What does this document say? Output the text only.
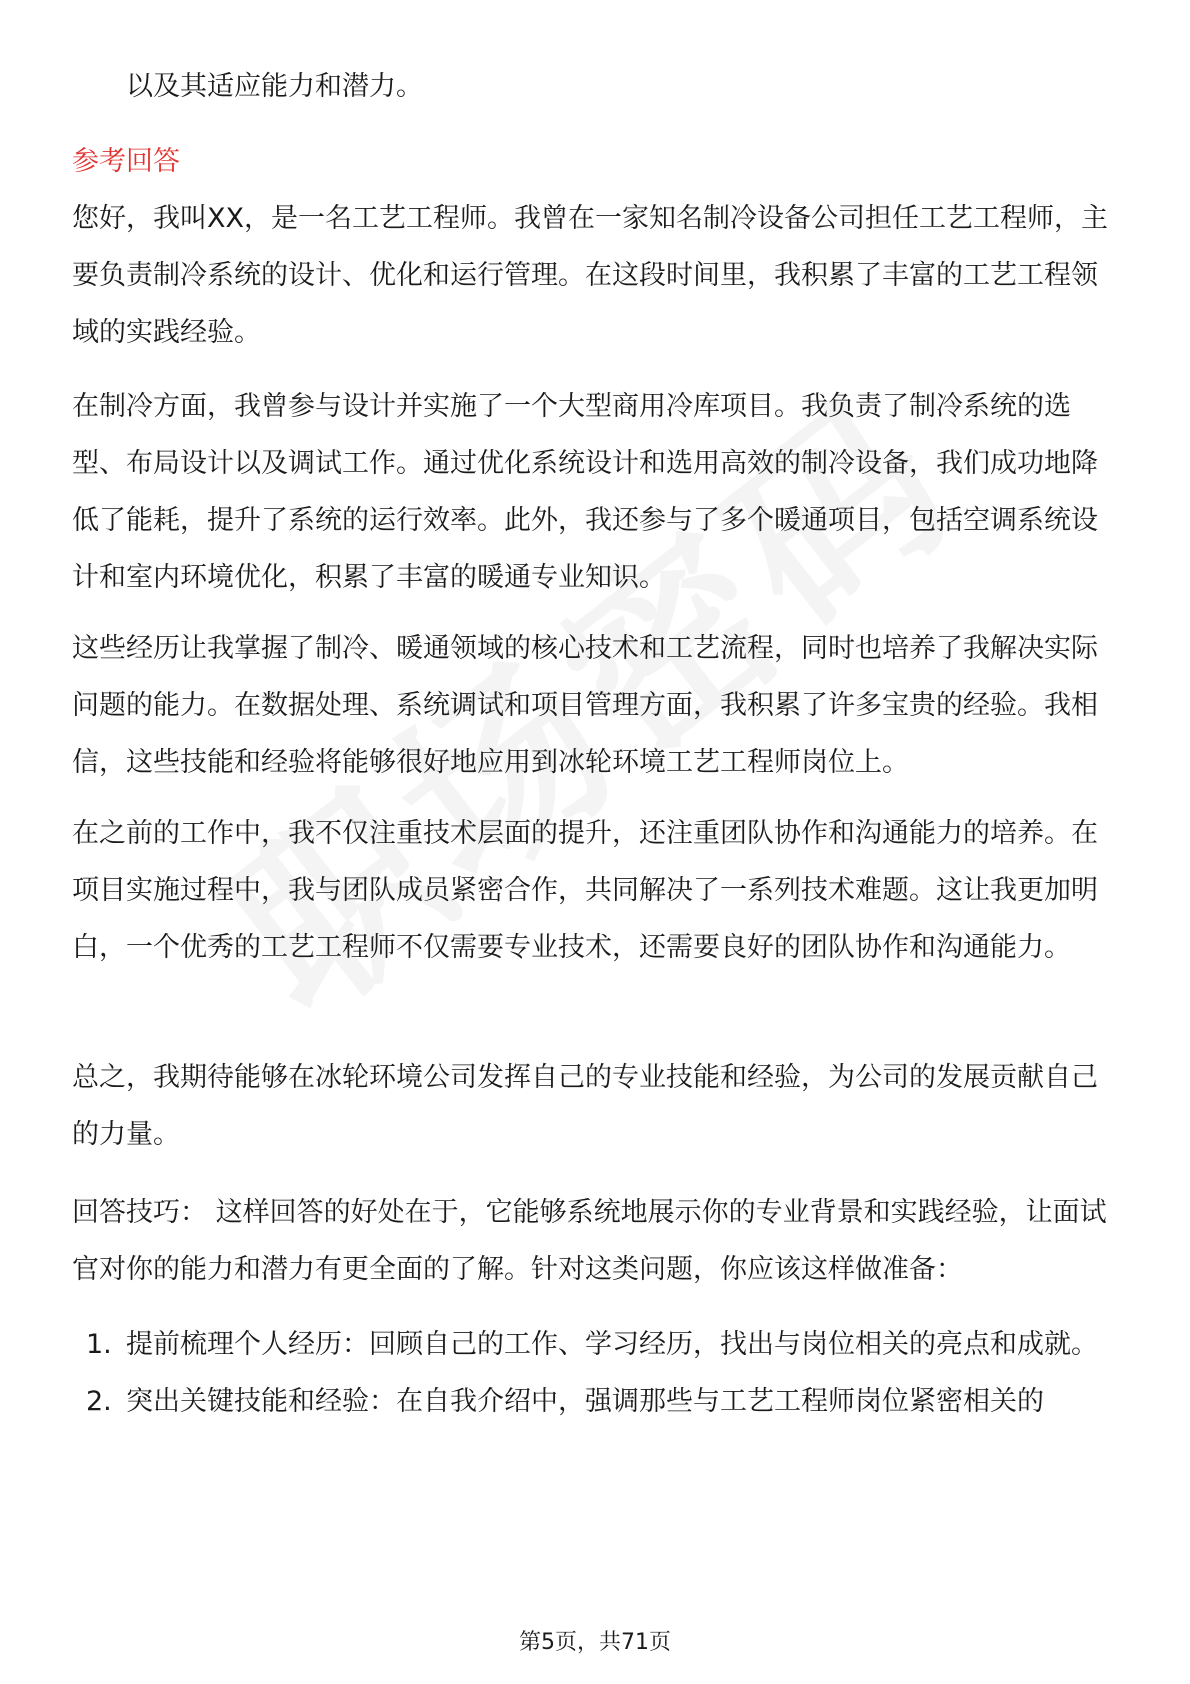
以及其适应能力和潜力。

参考回答

您好，我叫XX，是一名工艺工程师。我曾在一家知名制冷设备公司担任工艺工程师，主要负责制冷系统的设计、优化和运行管理。在这段时间里，我积累了丰富的工艺工程领域的实践经验。

在制冷方面，我曾参与设计并实施了一个大型商用冷库项目。我负责了制冷系统的选型、布局设计以及调试工作。通过优化系统设计和选用高效的制冷设备，我们成功地降低了能耗，提升了系统的运行效率。此外，我还参与了多个暖通项目，包括空调系统设计和室内环境优化，积累了丰富的暖通专业知识。

这些经历让我掌握了制冷、暖通领域的核心技术和工艺流程，同时也培养了我解决实际问题的能力。在数据处理、系统调试和项目管理方面，我积累了许多宝贵的经验。我相信，这些技能和经验将能够很好地应用到冰轮环境工艺工程师岗位上。

在之前的工作中，我不仅注重技术层面的提升，还注重团队协作和沟通能力的培养。在项目实施过程中，我与团队成员紧密合作，共同解决了一系列技术难题。这让我更加明白，一个优秀的工艺工程师不仅需要专业技术，还需要良好的团队协作和沟通能力。

总之，我期待能够在冰轮环境公司发挥自己的专业技能和经验，为公司的发展贡献自己的力量。

回答技巧： 这样回答的好处在于，它能够系统地展示你的专业背景和实践经验，让面试官对你的能力和潜力有更全面的了解。针对这类问题，你应该这样做准备：

1. 提前梳理个人经历：回顾自己的工作、学习经历，找出与岗位相关的亮点和成就。
2. 突出关键技能和经验：在自我介绍中，强调那些与工艺工程师岗位紧密相关的
第5页，共71页
